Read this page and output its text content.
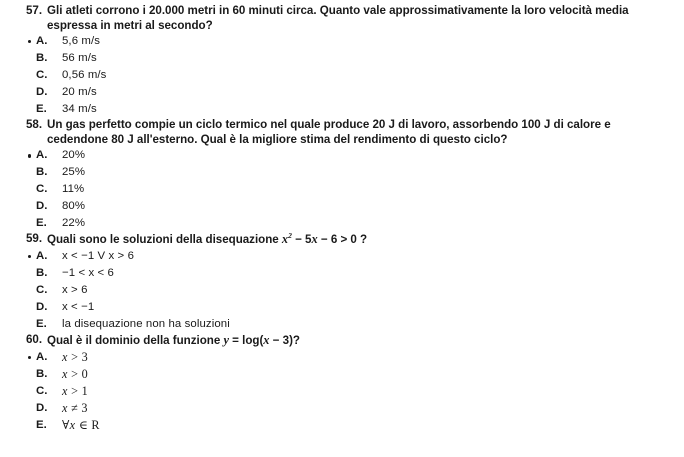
57. Gli atleti corrono i 20.000 metri in 60 minuti circa. Quanto vale approssimativamente la loro velocità media espressa in metri al secondo?
A.	5,6 m/s
B.	56 m/s
C.	0,56 m/s
D.	20 m/s
E.	34 m/s
58. Un gas perfetto compie un ciclo termico nel quale produce 20 J di lavoro, assorbendo 100 J di calore e cedendone 80 J all'esterno. Qual è la migliore stima del rendimento di questo ciclo?
A.	20%
B.	25%
C.	11%
D.	80%
E.	22%
59. Quali sono le soluzioni della disequazione $x^2 - 5x - 6 > 0$ ?
A.	x < −1 V x > 6
B.	−1 < x < 6
C.	x > 6
D.	x < −1
E.	la disequazione non ha soluzioni
60. Qual è il dominio della funzione y = log(x − 3)?
A.	x > 3
B.	x > 0
C.	x > 1
D.	x ≠ 3
E.	∀x ∈ R
